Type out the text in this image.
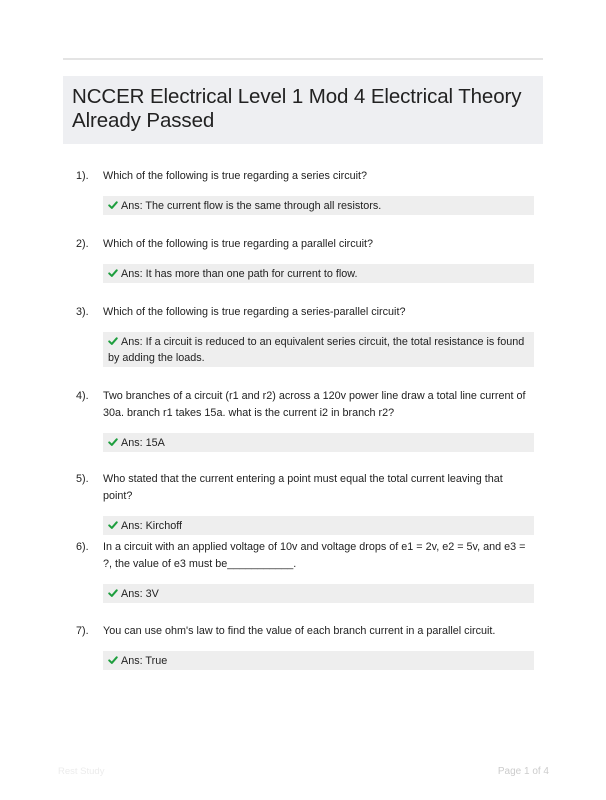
NCCER Electrical Level 1 Mod 4 Electrical Theory Already Passed
1).	Which of the following is true regarding a series circuit?
Ans: The current flow is the same through all resistors.
2).	Which of the following is true regarding a parallel circuit?
Ans: It has more than one path for current to flow.
3).	Which of the following is true regarding a series-parallel circuit?
Ans: If a circuit is reduced to an equivalent series circuit, the total resistance is found by adding the loads.
4).	Two branches of a circuit (r1 and r2) across a 120v power line draw a total line current of 30a. branch r1 takes 15a. what is the current i2 in branch r2?
Ans: 15A
5).	Who stated that the current entering a point must equal the total current leaving that point?
Ans: Kirchoff
6).	In a circuit with an applied voltage of 10v and voltage drops of e1 = 2v, e2 = 5v, and e3 = ?, the value of e3 must be___________.
Ans: 3V
7).	You can use ohm's law to find the value of each branch current in a parallel circuit.
Ans: True
Rest Study	Page 1 of 4
